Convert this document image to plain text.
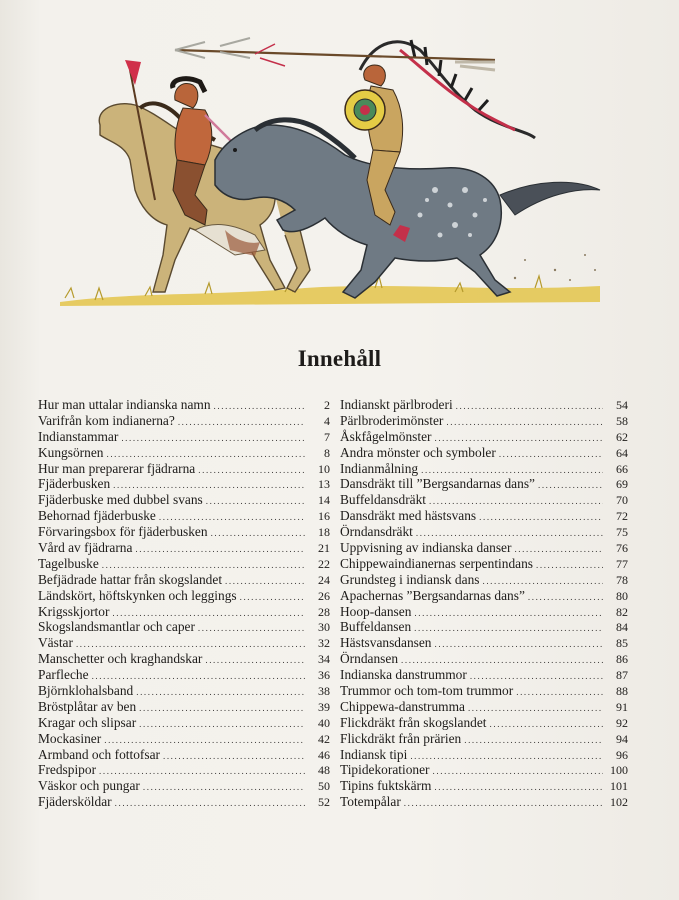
Innehåll
Hur man uttalar indianska namn .....	2
Varifrån kom indianerna? .....	4
Indianstammar .....	7
Kungsörnen .....	8
Hur man preparerar fjädrarna .....	10
Fjäderbusken .....	13
Fjäderbuske med dubbel svans .....	14
Behornad fjäderbuske .....	16
Förvaringsbox för fjäderbusken .....	18
Vård av fjädrarna .....	21
Tagelbuske .....	22
Befjädrade hattar från skogslandet .....	24
Ländskört, höftskynken och leggings .....	26
Krigsskjortor .....	28
Skogslandsmantlar och caper .....	30
Västar .....	32
Manschetter och kraghandskar .....	34
Parfleche .....	36
Björnklohalsband .....	38
Bröstplåtar av ben .....	39
Kragar och slipsar .....	40
Mockasiner .....	42
Armband och fottofsar .....	46
Fredspipor .....	48
Väskor och pungar .....	50
Fjädersköldar .....	52
Indianskt pärlbroderi .....	54
Pärlbroderimönster .....	58
Åskfågelmönster .....	62
Andra mönster och symboler .....	64
Indianmålning .....	66
Dansdräkt till ”Bergsandarnas dans” .....	69
Buffeldansdräkt .....	70
Dansdräkt med hästsvans .....	72
Örndansdräkt .....	75
Uppvisning av indianska danser .....	76
Chippewaindianernas serpentindans .....	77
Grundsteg i indiansk dans .....	78
Apachernas ”Bergsandarnas dans” .....	80
Hoop-dansen .....	82
Buffeldansen .....	84
Hästsvansdansen .....	85
Örndansen .....	86
Indianska danstrummor .....	87
Trummor och tom-tom trummor .....	88
Chippewa-danstrumma .....	91
Flickdräkt från skogslandet .....	92
Flickdräkt från prärien .....	94
Indiansk tipi .....	96
Tipidekorationer .....	100
Tipins fuktskärm .....	101
Totempålar .....	102
